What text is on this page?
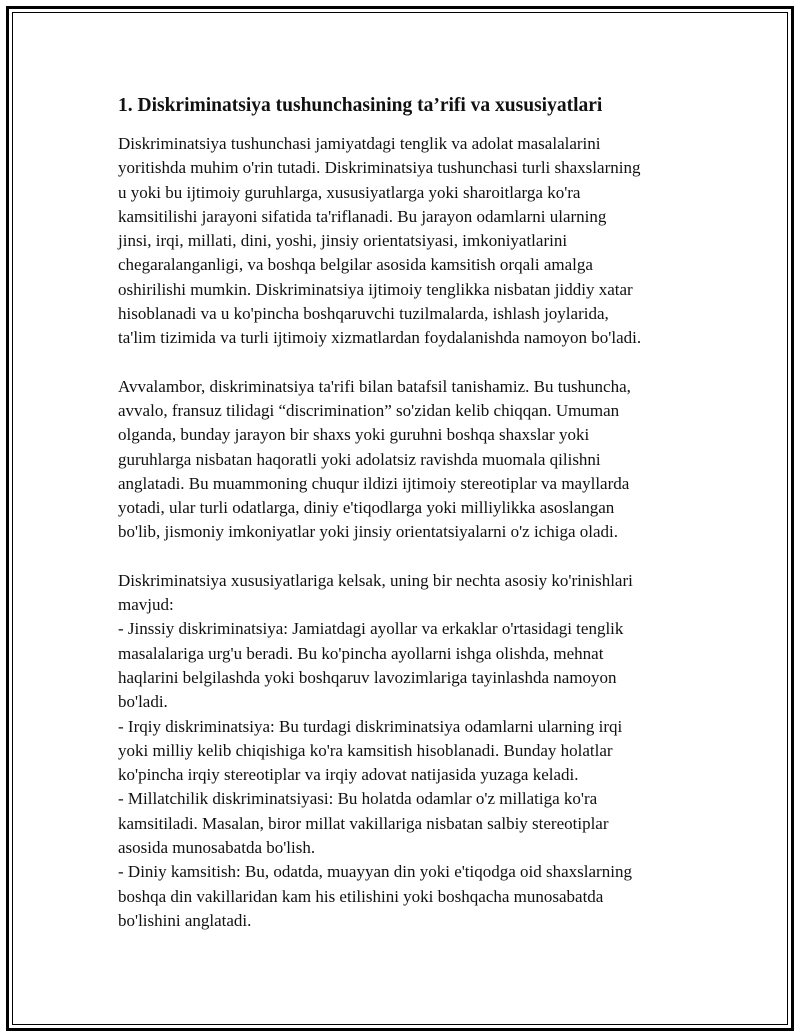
1. Diskriminatsiya tushunchasining ta’rifi va xususiyatlari
Diskriminatsiya tushunchasi jamiyatdagi tenglik va adolat masalalarini
yoritishda muhim o'rin tutadi. Diskriminatsiya tushunchasi turli shaxslarning
u yoki bu ijtimoiy guruhlarga, xususiyatlarga yoki sharoitlarga ko'ra
kamsitilishi jarayoni sifatida ta'riflanadi. Bu jarayon odamlarni ularning
jinsi, irqi, millati, dini, yoshi, jinsiy orientatsiyasi, imkoniyatlarini
chegaralanganligi, va boshqa belgilar asosida kamsitish orqali amalga
oshirilishi mumkin. Diskriminatsiya ijtimoiy tenglikka nisbatan jiddiy xatar
hisoblanadi va u ko'pincha boshqaruvchi tuzilmalarda, ishlash joylarida,
ta'lim tizimida va turli ijtimoiy xizmatlardan foydalanishda namoyon bo'ladi.
Avvalambor, diskriminatsiya ta'rifi bilan batafsil tanishamiz. Bu tushuncha,
avvalo, fransuz tilidagi “discrimination” so'zidan kelib chiqqan. Umuman
olganda, bunday jarayon bir shaxs yoki guruhni boshqa shaxslar yoki
guruhlarga nisbatan haqoratli yoki adolatsiz ravishda muomala qilishni
anglatadi. Bu muammoning chuqur ildizi ijtimoiy stereotiplar va mayllarda
yotadi, ular turli odatlarga, diniy e'tiqodlarga yoki milliylikka asoslangan
bo'lib, jismoniy imkoniyatlar yoki jinsiy orientatsiyalarni o'z ichiga oladi.
Diskriminatsiya xususiyatlariga kelsak, uning bir nechta asosiy ko'rinishlari
mavjud:
- Jinssiy diskriminatsiya: Jamiatdagi ayollar va erkaklar o'rtasidagi tenglik
masalalariga urg'u beradi. Bu ko'pincha ayollarni ishga olishda, mehnat
haqlarini belgilashda yoki boshqaruv lavozimlariga tayinlashda namoyon
bo'ladi.
- Irqiy diskriminatsiya: Bu turdagi diskriminatsiya odamlarni ularning irqi
yoki milliy kelib chiqishiga ko'ra kamsitish hisoblanadi. Bunday holatlar
ko'pincha irqiy stereotiplar va irqiy adovat natijasida yuzaga keladi.
- Millatchilik diskriminatsiyasi: Bu holatda odamlar o'z millatiga ko'ra
kamsitiladi. Masalan, biror millat vakillariga nisbatan salbiy stereotiplar
asosida munosabatda bo'lish.
- Diniy kamsitish: Bu, odatda, muayyan din yoki e'tiqodga oid shaxslarning
boshqa din vakillaridan kam his etilishini yoki boshqacha munosabatda
bo'lishini anglatadi.
